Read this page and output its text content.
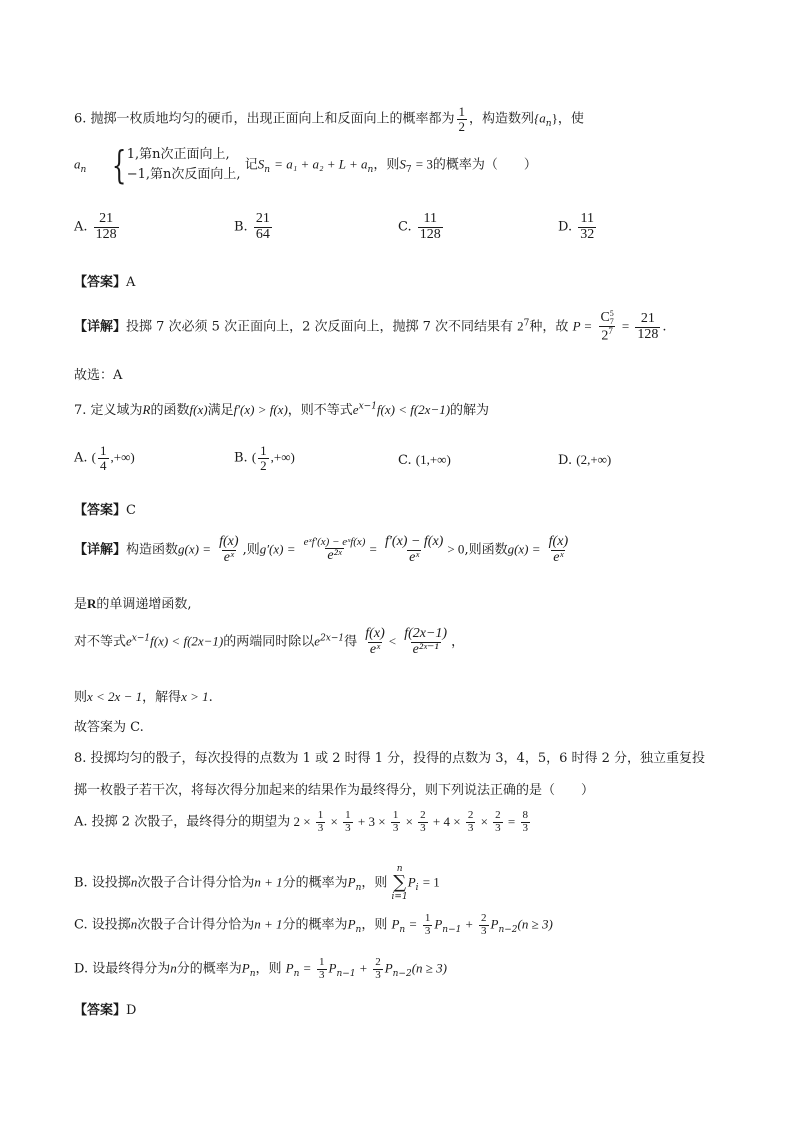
6. 抛掷一枚质地均匀的硬币，出现正面向上和反面向上的概率都为 $\frac{1}{2}$ ，构造数列$\{a_n\}$，使
$a_n$ { 1,第n次正面向上,
−1,第n次反面向上,
记$S_n = a_1 + a_2 + L + a_n$，则$S_7 = 3$的概率为（　　）
A. $\frac{21}{128}$	B. $\frac{21}{64}$	C. $\frac{11}{128}$	D. $\frac{11}{32}$
【答案】A
【详解】投掷 7 次必须 5 次正面向上，2 次反面向上，抛掷 7 次不同结果有 $2^7$种，故 P = C 5
7
$2^7 = \frac{21}{128}$ .
故选：A
7. 定义域为R的函数f(x)满足f′(x) > f(x)，则不等式$e^{x-1}f(x) < f(2x-1)$的解为
A. ( $\frac{1}{4}$ ,+∞)	B. ( $\frac{1}{2}$ ,+∞)	C. (1,+∞)	D. (2,+∞)
【答案】C
【详解】构造函数$g(x) = \frac{f(x)}{\text{eˣ}}$ ,则$g'(x) = \frac{\text{eˣf′(x) − eˣf(x)}}{\text{e²ˣ}} = \frac{f'(x) - f(x)}{\text{eˣ}} > 0$,则函数$g(x) = \frac{f(x)}{\text{eˣ}}$
是R的单调递增函数,
对不等式$e^{x-1}f(x) < f(2x-1)$的两端同时除以$e^{2x-1}$得 $\frac{f(x)}{\text{eˣ}} < \frac{f(2x-1)}{\text{e²ˣ⁻¹}}$ ，
则x < 2x − 1，解得x > 1.
故答案为 C.
8. 投掷均匀的骰子，每次投得的点数为 1 或 2 时得 1 分，投得的点数为 3，4，5，6 时得 2 分，独立重复投
掷一枚骰子若干次，将每次得分加起来的结果作为最终得分，则下列说法正确的是（　　）
A. 投掷 2 次骰子，最终得分的期望为 $2 \times \frac{1}{3} \times \frac{1}{3} + 3 \times \frac{1}{3} \times \frac{2}{3} + 4 \times \frac{2}{3} \times \frac{2}{3} = \frac{8}{3}$
B. 设投掷n次骰子合计得分恰为n + 1分的概率为$P_n$，则
n
∑
i=1
$P_i = 1$
C. 设投掷n次骰子合计得分恰为n + 1分的概率为$P_n$，则 $P_n = \frac{1}{3} P_{n-1} + \frac{2}{3} P_{n-2}(n \ge 3)$
D. 设最终得分为n分的概率为$P_n$，则 $P_n = \frac{1}{3} P_{n-1} + \frac{2}{3} P_{n-2}(n \ge 3)$
【答案】D
